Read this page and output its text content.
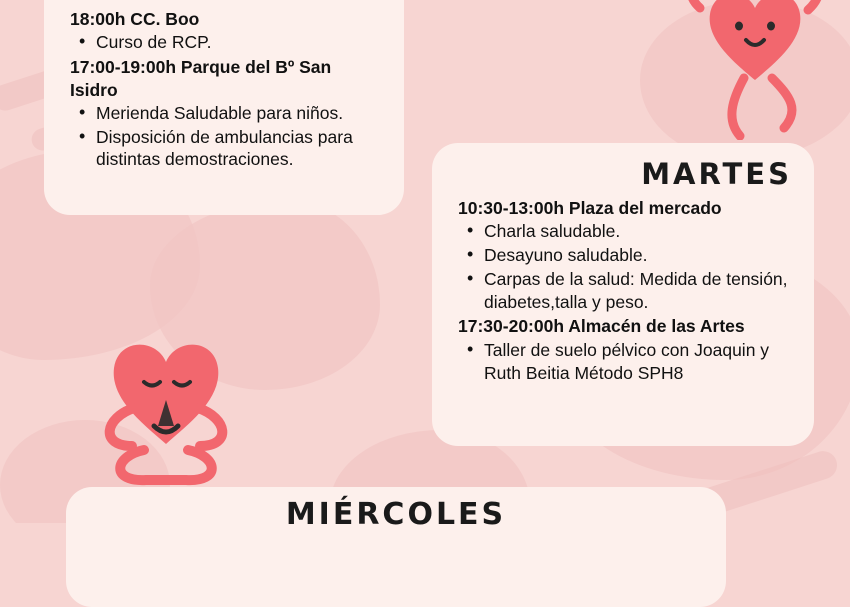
18:00h CC. Boo

• Curso de RCP.

17:00-19:00h Parque del Bº San Isidro

• Merienda Saludable para niños.
• Disposición de ambulancias para distintas demostraciones.	MARTES

10:30-13:00h Plaza del mercado

• Charla saludable.
• Desayuno saludable.
• Carpas de la salud: Medida de tensión, diabetes,talla y peso.

17:30-20:00h Almacén de las Artes

• Taller de suelo pélvico con Joaquin y Ruth Beitia Método SPH8
MIÉRCOLES
